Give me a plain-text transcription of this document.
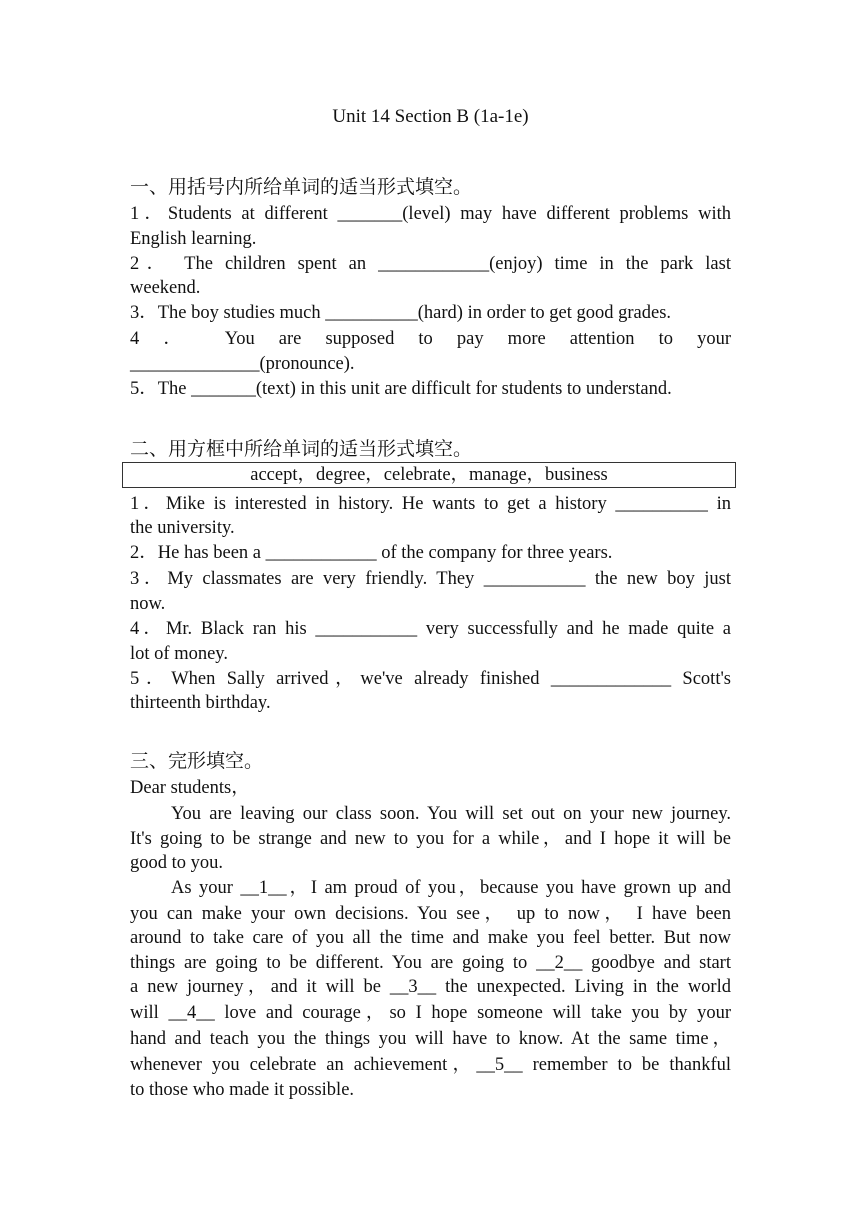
Unit 14 Section B (1a-1e)
一、用括号内所给单词的适当形式填空。
1．Students at different _______(level) may have different problems with
English learning.
2． The children spent an ____________(enjoy) time in the park last
weekend.
3．The boy studies much __________(hard) in order to get good grades.
4 ． You are supposed to pay more attention to your
______________(pronounce).
5．The _______(text) in this unit are difficult for students to understand.
二、用方框中所给单词的适当形式填空。
accept，degree，celebrate，manage，business
1．Mike is interested in history. He wants to get a history __________ in
the university.
2．He has been a ____________ of the company for three years.
3．My classmates are very friendly. They ___________ the new boy just
now.
4．Mr. Black ran his ___________ very successfully and he made quite a
lot of money.
5．When Sally arrived，we've already finished _____________ Scott's
thirteenth birthday.
三、完形填空。
Dear students，
You are leaving our class soon. You will set out on your new journey.
It's going to be strange and new to you for a while，and I hope it will be
good to you.
As your __1__，I am proud of you，because you have grown up and
you can make your own decisions. You see， up to now， I have been
around to take care of you all the time and make you feel better. But now
things are going to be different. You are going to __2__ goodbye and start
a new journey，and it will be __3__ the unexpected. Living in the world
will __4__ love and courage，so I hope someone will take you by your
hand and teach you the things you will have to know. At the same time，
whenever you celebrate an achievement，__5__ remember to be thankful
to those who made it possible.
